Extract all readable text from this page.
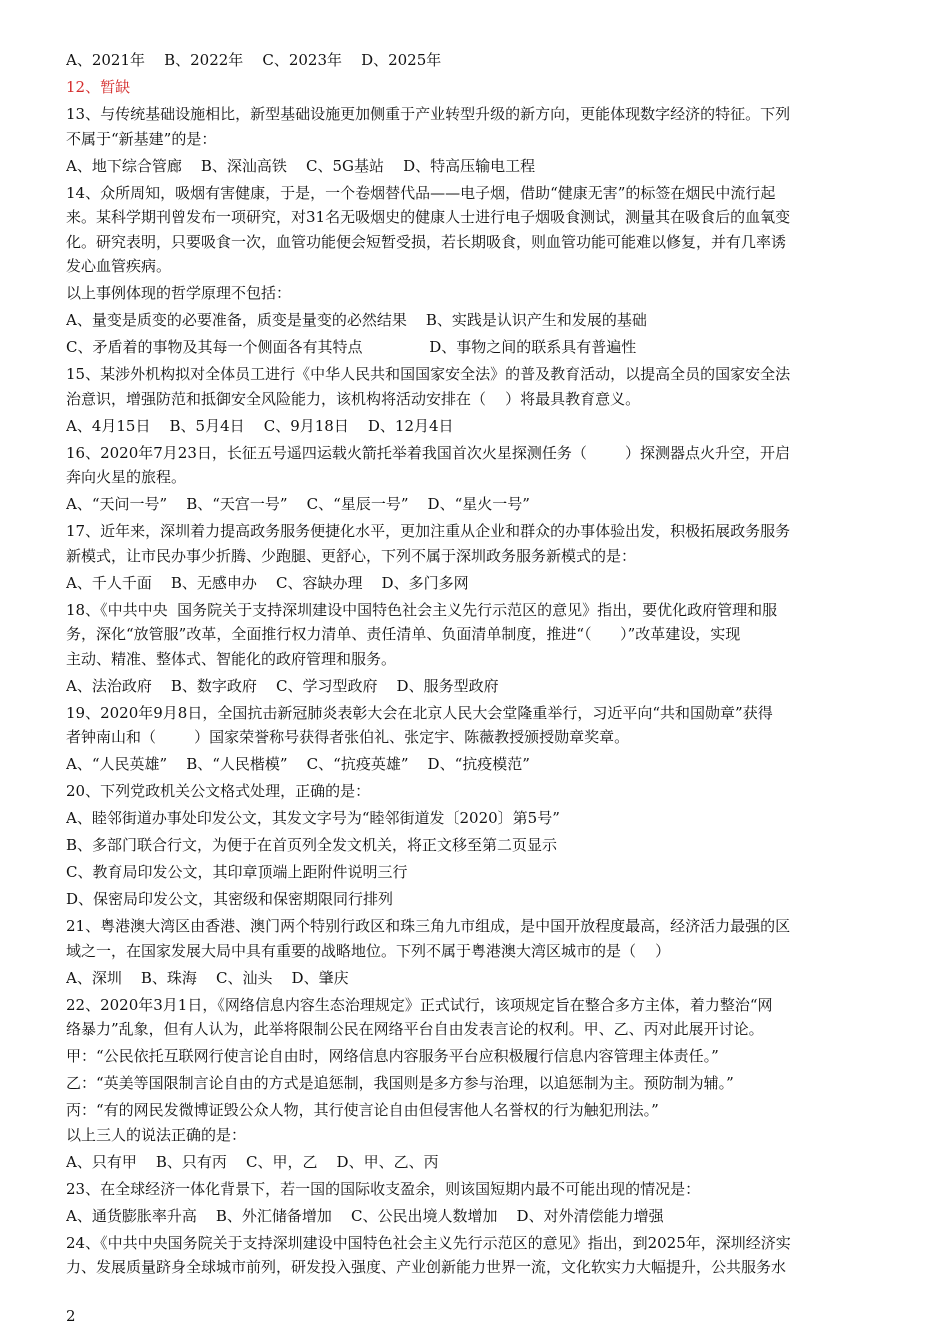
A、2021年    B、2022年    C、2023年    D、2025年
12、暂缺
13、与传统基础设施相比，新型基础设施更加侧重于产业转型升级的新方向，更能体现数字经济的特征。下列
不属于“新基建”的是：
A、地下综合管廊    B、深汕高铁    C、5G基站    D、特高压输电工程
14、众所周知，吸烟有害健康，于是，一个卷烟替代品——电子烟，借助“健康无害”的标签在烟民中流行起
来。某科学期刊曾发布一项研究，对31名无吸烟史的健康人士进行电子烟吸食测试，测量其在吸食后的血氧变
化。研究表明，只要吸食一次，血管功能便会短暂受损，若长期吸食，则血管功能可能难以修复，并有几率诱
发心血管疾病。
以上事例体现的哲学原理不包括：
A、量变是质变的必要准备，质变是量变的必然结果    B、实践是认识产生和发展的基础
C、矛盾着的事物及其每一个侧面各有其特点              D、事物之间的联系具有普遍性
15、某涉外机构拟对全体员工进行《中华人民共和国国家安全法》的普及教育活动，以提高全员的国家安全法
治意识，增强防范和抵御安全风险能力，该机构将活动安排在（    ）将最具教育意义。
A、4月15日    B、5月4日    C、9月18日    D、12月4日
16、2020年7月23日，长征五号遥四运载火箭托举着我国首次火星探测任务（        ）探测器点火升空，开启
奔向火星的旅程。
A、“天问一号”    B、“天宫一号”    C、“星辰一号”    D、“星火一号”
17、近年来，深圳着力提高政务服务便捷化水平，更加注重从企业和群众的办事体验出发，积极拓展政务服务
新模式，让市民办事少折腾、少跑腿、更舒心，下列不属于深圳政务服务新模式的是：
A、千人千面    B、无感申办    C、容缺办理    D、多门多网
18、《中共中央  国务院关于支持深圳建设中国特色社会主义先行示范区的意见》指出，要优化政府管理和服
务，深化“放管服”改革，全面推行权力清单、责任清单、负面清单制度，推进“（      ）”改革建设，实现
主动、精准、整体式、智能化的政府管理和服务。
A、法治政府    B、数字政府    C、学习型政府    D、服务型政府
19、2020年9月8日，全国抗击新冠肺炎表彰大会在北京人民大会堂隆重举行，习近平向“共和国勋章”获得
者钟南山和（        ）国家荣誉称号获得者张伯礼、张定宇、陈薇教授颁授勋章奖章。
A、“人民英雄”    B、“人民楷模”    C、“抗疫英雄”    D、“抗疫模范”
20、下列党政机关公文格式处理，正确的是：
A、睦邻街道办事处印发公文，其发文字号为“睦邻街道发〔2020〕第5号”
B、多部门联合行文，为便于在首页列全发文机关，将正文移至第二页显示
C、教育局印发公文，其印章顶端上距附件说明三行
D、保密局印发公文，其密级和保密期限同行排列
21、粤港澳大湾区由香港、澳门两个特别行政区和珠三角九市组成，是中国开放程度最高，经济活力最强的区
域之一，在国家发展大局中具有重要的战略地位。下列不属于粤港澳大湾区城市的是（    ）
A、深圳    B、珠海    C、汕头    D、肇庆
22、2020年3月1日，《网络信息内容生态治理规定》正式试行，该项规定旨在整合多方主体，着力整治“网
络暴力”乱象，但有人认为，此举将限制公民在网络平台自由发表言论的权利。甲、乙、丙对此展开讨论。
甲：“公民依托互联网行使言论自由时，网络信息内容服务平台应积极履行信息内容管理主体责任。”
乙：“英美等国限制言论自由的方式是追惩制，我国则是多方参与治理，以追惩制为主。预防制为辅。”
丙：“有的网民发微博证毁公众人物，其行使言论自由但侵害他人名誉权的行为触犯刑法。”
以上三人的说法正确的是：
A、只有甲    B、只有丙    C、甲，乙    D、甲、乙、丙
23、在全球经济一体化背景下，若一国的国际收支盈余，则该国短期内最不可能出现的情况是：
A、通货膨胀率升高    B、外汇储备增加    C、公民出境人数增加    D、对外清偿能力增强
24、《中共中央国务院关于支持深圳建设中国特色社会主义先行示范区的意见》指出，到2025年，深圳经济实
力、发展质量跻身全球城市前列，研发投入强度、产业创新能力世界一流，文化软实力大幅提升，公共服务水
2
